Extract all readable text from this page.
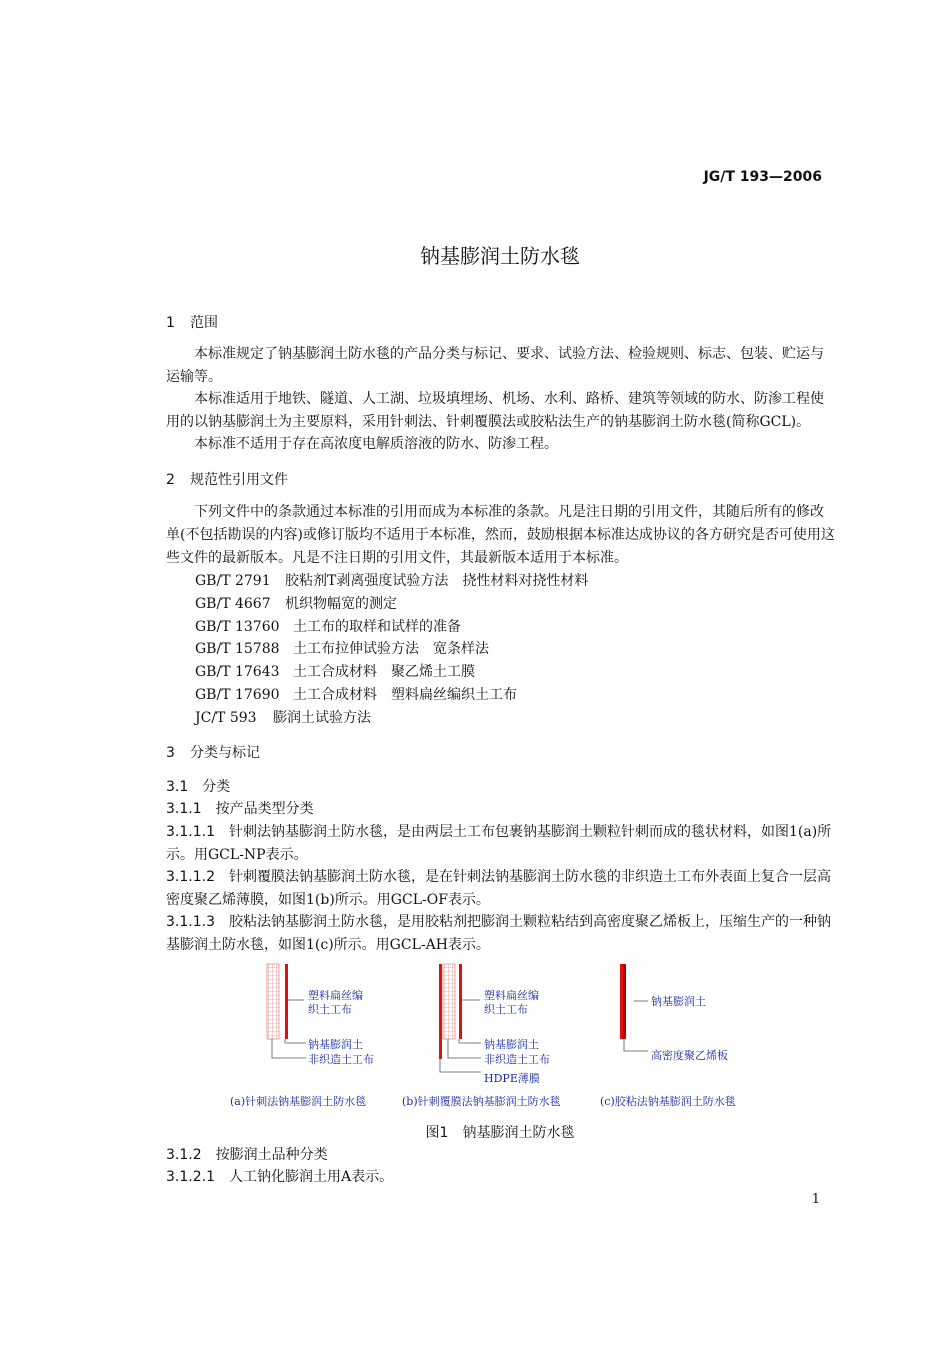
JG/T 193—2006
钠基膨润土防水毯
1 范围
本标准规定了钠基膨润土防水毯的产品分类与标记、要求、试验方法、检验规则、标志、包装、贮运与运输等。
本标准适用于地铁、隧道、人工湖、垃圾填埋场、机场、水利、路桥、建筑等领域的防水、防渗工程使用的以钠基膨润土为主要原料，采用针刺法、针刺覆膜法或胶粘法生产的钠基膨润土防水毯(简称GCL)。
本标准不适用于存在高浓度电解质溶液的防水、防渗工程。
2 规范性引用文件
下列文件中的条款通过本标准的引用而成为本标准的条款。凡是注日期的引用文件，其随后所有的修改单(不包括勘误的内容)或修订版均不适用于本标准，然而，鼓励根据本标准达成协议的各方研究是否可使用这些文件的最新版本。凡是不注日期的引用文件，其最新版本适用于本标准。
GB/T 2791 胶粘剂T剥离强度试验方法　挠性材料对挠性材料
GB/T 4667 机织物幅宽的测定
GB/T 13760 土工布的取样和试样的准备
GB/T 15788 土工布拉伸试验方法　宽条样法
GB/T 17643 土工合成材料　聚乙烯土工膜
GB/T 17690 土工合成材料　塑料扁丝编织土工布
JC/T 593 膨润土试验方法
3 分类与标记
3.1 分类
3.1.1 按产品类型分类
3.1.1.1 针刺法钠基膨润土防水毯，是由两层土工布包裹钠基膨润土颗粒针刺而成的毯状材料，如图1(a)所示。用GCL-NP表示。
3.1.1.2 针刺覆膜法钠基膨润土防水毯，是在针刺法钠基膨润土防水毯的非织造土工布外表面上复合一层高密度聚乙烯薄膜，如图1(b)所示。用GCL-OF表示。
3.1.1.3 胶粘法钠基膨润土防水毯，是用胶粘剂把膨润土颗粒粘结到高密度聚乙烯板上，压缩生产的一种钠基膨润土防水毯，如图1(c)所示。用GCL-AH表示。
塑料扁丝编
织土工布
钠基膨润土
非织造土工布
塑料扁丝编
织土工布
钠基膨润土
非织造土工布
HDPE薄膜
钠基膨润土
高密度聚乙烯板
(a)针刺法钠基膨润土防水毯	(b)针刺覆膜法钠基膨润土防水毯	(c)胶粘法钠基膨润土防水毯
图1　钠基膨润土防水毯
3.1.2 按膨润土品种分类
3.1.2.1 人工钠化膨润土用A表示。
1
